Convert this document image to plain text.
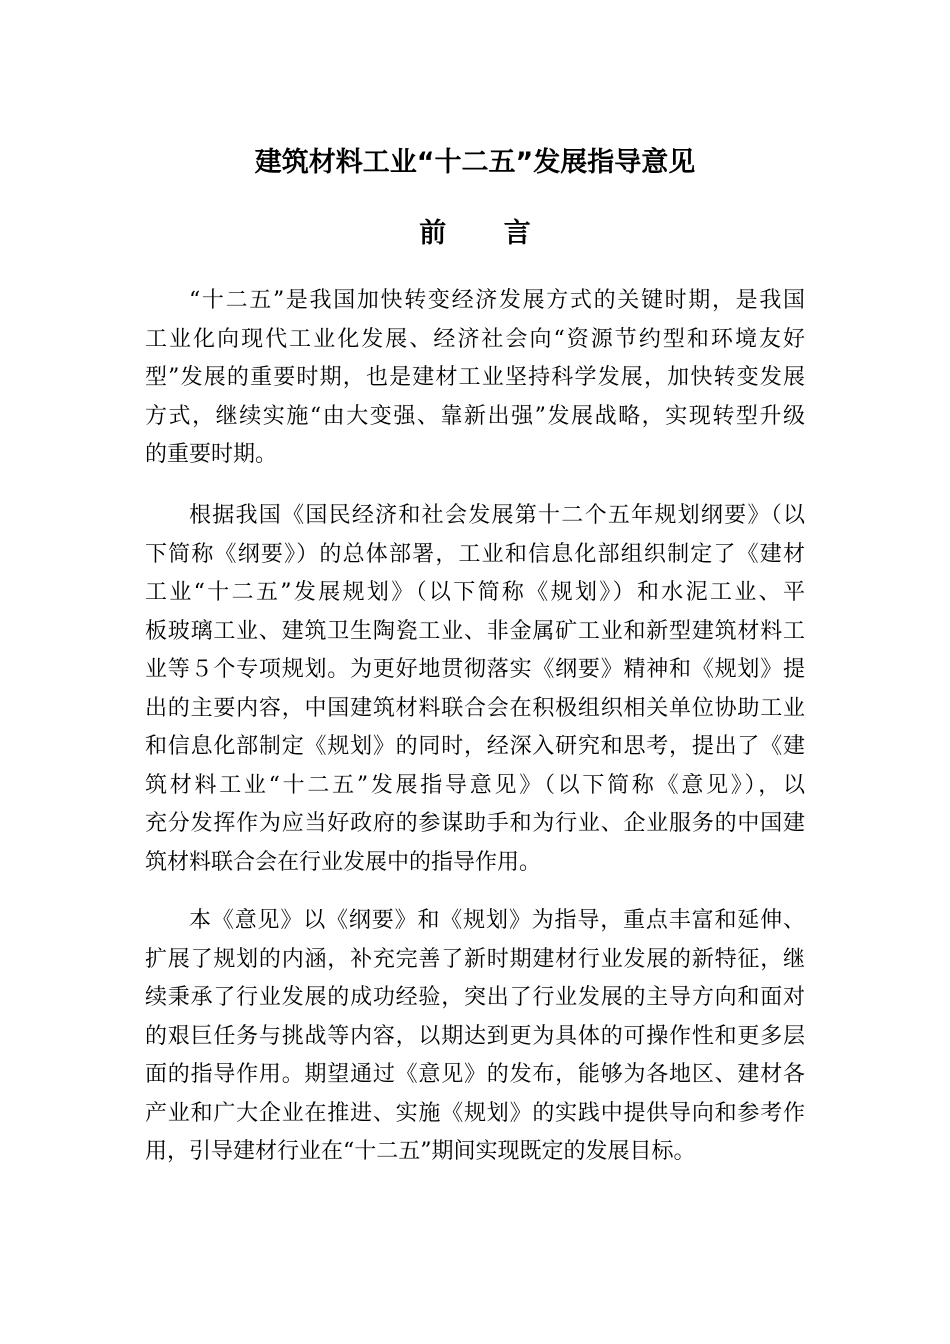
建筑材料工业“十二五”发展指导意见
前 言
“十二五”是我国加快转变经济发展方式的关键时期，是我国
工业化向现代工业化发展、经济社会向“资源节约型和环境友好
型”发展的重要时期，也是建材工业坚持科学发展，加快转变发展
方式，继续实施“由大变强、靠新出强”发展战略，实现转型升级
的重要时期。
根据我国《国民经济和社会发展第十二个五年规划纲要》（以
下简称《纲要》）的总体部署，工业和信息化部组织制定了《建材
工业“十二五”发展规划》（以下简称《规划》）和水泥工业、平
板玻璃工业、建筑卫生陶瓷工业、非金属矿工业和新型建筑材料工
业等５个专项规划。为更好地贯彻落实《纲要》精神和《规划》提
出的主要内容，中国建筑材料联合会在积极组织相关单位协助工业
和信息化部制定《规划》的同时，经深入研究和思考，提出了《建
筑材料工业“十二五”发展指导意见》（以下简称《意见》），以
充分发挥作为应当好政府的参谋助手和为行业、企业服务的中国建
筑材料联合会在行业发展中的指导作用。
本《意见》以《纲要》和《规划》为指导，重点丰富和延伸、
扩展了规划的内涵，补充完善了新时期建材行业发展的新特征，继
续秉承了行业发展的成功经验，突出了行业发展的主导方向和面对
的艰巨任务与挑战等内容，以期达到更为具体的可操作性和更多层
面的指导作用。期望通过《意见》的发布，能够为各地区、建材各
产业和广大企业在推进、实施《规划》的实践中提供导向和参考作
用，引导建材行业在“十二五”期间实现既定的发展目标。
